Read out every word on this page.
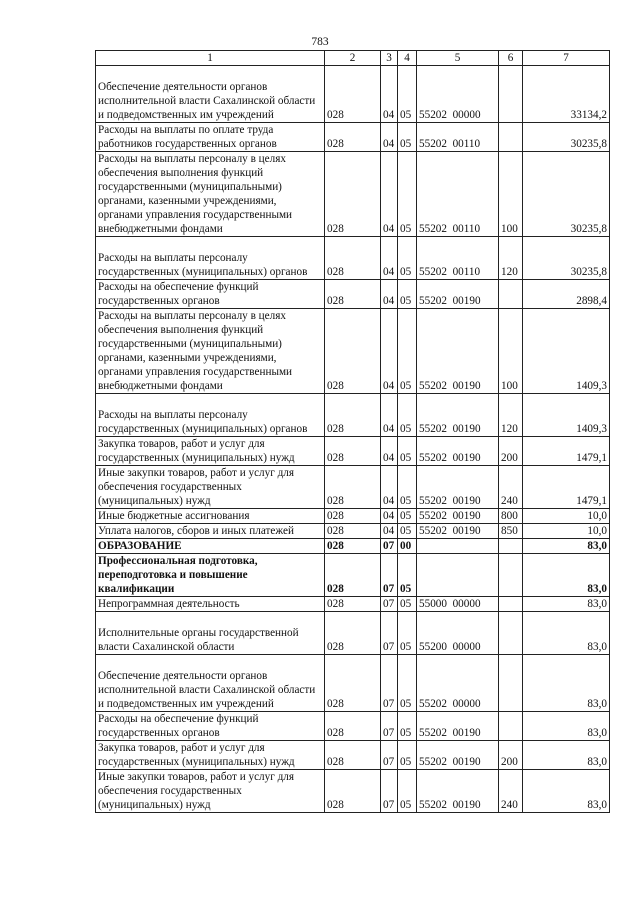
783
1	2	3	4	5	6	7
Обеспечение деятельности органов исполнительной власти Сахалинской области и подведомственных им учреждений	028	04	05	55202  00000		33134,2
Расходы на выплаты по оплате труда работников государственных органов	028	04	05	55202  00110		30235,8
Расходы на выплаты персоналу в целях обеспечения выполнения функций государственными (муниципальными) органами, казенными учреждениями, органами управления государственными внебюджетными фондами	028	04	05	55202  00110	100	30235,8
Расходы на выплаты персоналу государственных (муниципальных) органов	028	04	05	55202  00110	120	30235,8
Расходы на обеспечение функций государственных органов	028	04	05	55202  00190		2898,4
Расходы на выплаты персоналу в целях обеспечения выполнения функций государственными (муниципальными) органами, казенными учреждениями, органами управления государственными внебюджетными фондами	028	04	05	55202  00190	100	1409,3
Расходы на выплаты персоналу государственных (муниципальных) органов	028	04	05	55202  00190	120	1409,3
Закупка товаров, работ и услуг для государственных (муниципальных) нужд	028	04	05	55202  00190	200	1479,1
Иные закупки товаров, работ и услуг для обеспечения государственных (муниципальных) нужд	028	04	05	55202  00190	240	1479,1
Иные бюджетные ассигнования	028	04	05	55202  00190	800	10,0
Уплата налогов, сборов и иных платежей	028	04	05	55202  00190	850	10,0
ОБРАЗОВАНИЕ	028	07	00			83,0
Профессиональная подготовка, переподготовка и повышение квалификации	028	07	05			83,0
Непрограммная деятельность	028	07	05	55000  00000		83,0
Исполнительные органы государственной власти Сахалинской области	028	07	05	55200  00000		83,0
Обеспечение деятельности органов исполнительной власти Сахалинской области и подведомственных им учреждений	028	07	05	55202  00000		83,0
Расходы на обеспечение функций государственных органов	028	07	05	55202  00190		83,0
Закупка товаров, работ и услуг для государственных (муниципальных) нужд	028	07	05	55202  00190	200	83,0
Иные закупки товаров, работ и услуг для обеспечения государственных (муниципальных) нужд	028	07	05	55202  00190	240	83,0
